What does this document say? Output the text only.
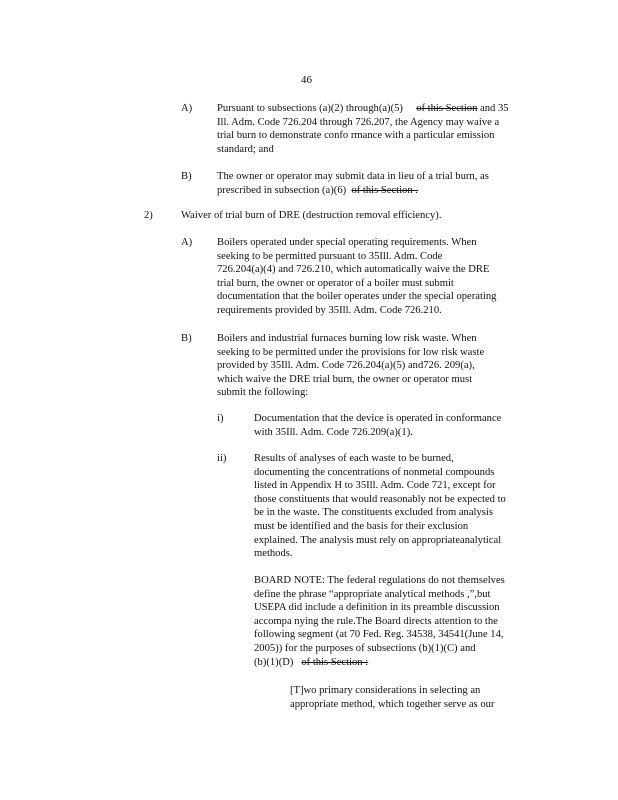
46
A) Pursuant to subsections (a)(2) through(a)(5) of this Section and 35
Ill. Adm. Code 726.204 through 726.207, the Agency may waive a
trial burn to demonstrate confo rmance with a particular emission
standard; and
B) The owner or operator may submit data in lieu of a trial burn, as
prescribed in subsection (a)(6) of this Section .
2)	Waiver of trial burn of DRE (destruction removal efficiency).
A) Boilers operated under special operating requirements. When
seeking to be permitted pursuant to 35Ill. Adm. Code
726.204(a)(4) and 726.210, which automatically waive the DRE
trial burn, the owner or operator of a boiler must submit
documentation that the boiler operates under the special operating
requirements provided by 35Ill. Adm. Code 726.210.
B) Boilers and industrial furnaces burning low risk waste. When
seeking to be permitted under the provisions for low risk waste
provided by 35Ill. Adm. Code 726.204(a)(5) and726. 209(a),
which waive the DRE trial burn, the owner or operator must
submit the following:
i)	Documentation that the device is operated in conformance
with 35Ill. Adm. Code 726.209(a)(1).
ii)	Results of analyses of each waste to be burned,
documenting the concentrations of nonmetal compounds
listed in Appendix H to 35Ill. Adm. Code 721, except for
those constituents that would reasonably not be expected to
be in the waste. The constituents excluded from analysis
must be identified and the basis for their exclusion
explained. The analysis must rely on appropriateanalytical
methods.
BOARD NOTE: The federal regulations do not themselves
define the phrase “appropriate analytical methods ,”,but
USEPA did include a definition in its preamble discussion
accompa nying the rule.The Board directs attention to the
following segment (at 70 Fed. Reg. 34538, 34541(June 14,
2005)) for the purposes of subsections (b)(1)(C) and
(b)(1)(D) of this Section :
[T]wo primary considerations in selecting an
appropriate method, which together serve as our
